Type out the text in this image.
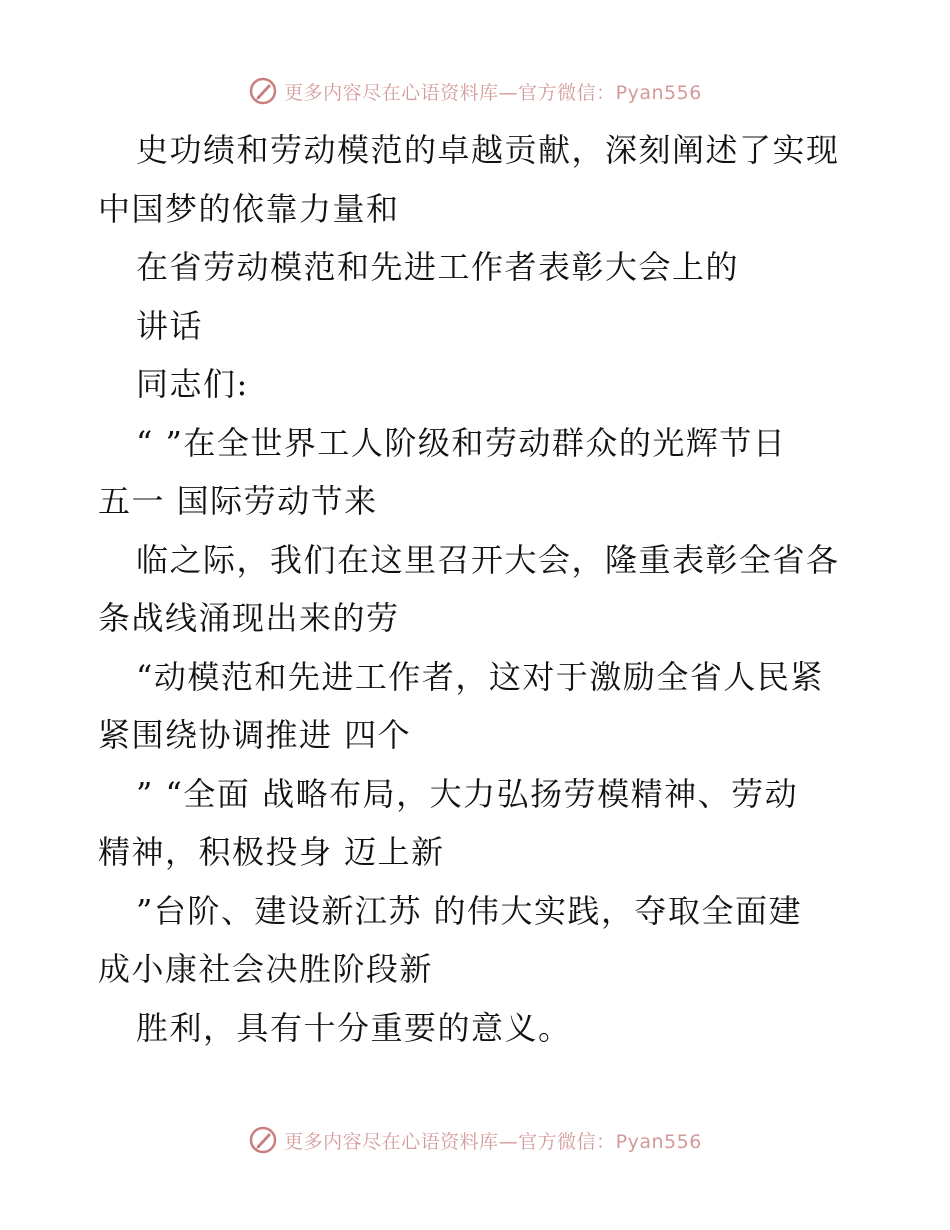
更多内容尽在心语资料库—官方微信：Pyan556
史功绩和劳动模范的卓越贡献，深刻阐述了实现
中国梦的依靠力量和
在省劳动模范和先进工作者表彰大会上的
讲话
同志们:
“ ”在全世界工人阶级和劳动群众的光辉节日
五一 国际劳动节来
临之际，我们在这里召开大会，隆重表彰全省各
条战线涌现出来的劳
“动模范和先进工作者，这对于激励全省人民紧
紧围绕协调推进 四个
” “全面 战略布局，大力弘扬劳模精神、劳动
精神，积极投身 迈上新
”台阶、建设新江苏 的伟大实践，夺取全面建
成小康社会决胜阶段新
胜利，具有十分重要的意义。
更多内容尽在心语资料库—官方微信：Pyan556
